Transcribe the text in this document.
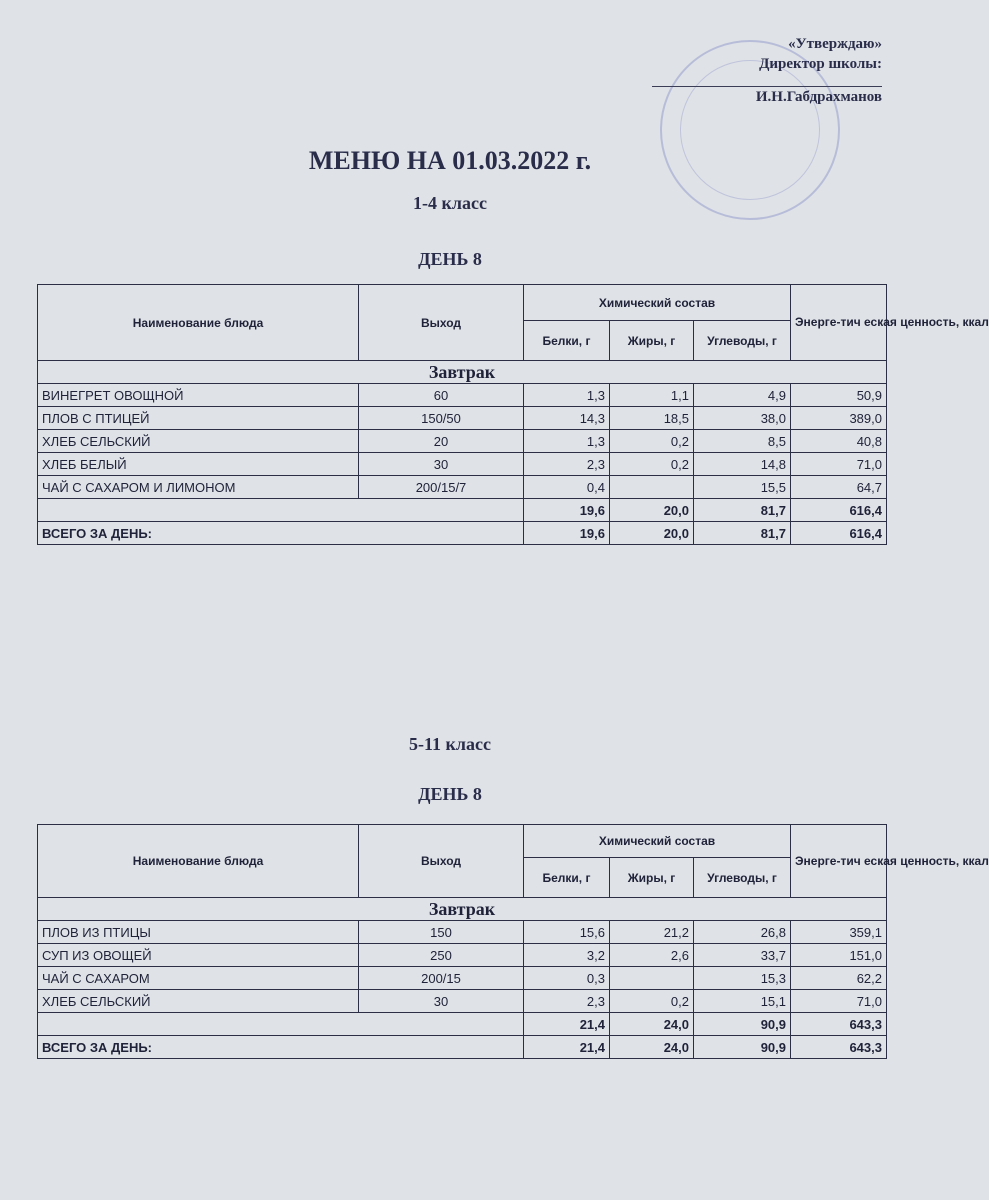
«Утверждаю»
Директор школы:
И.Н.Габдрахманов
МЕНЮ НА 01.03.2022 г.
1-4 класс
ДЕНЬ 8
Наименование блюда	Выход	Химический состав			Энерге-тич еская ценность, ккал
		Белки, г	Жиры, г	Углеводы, г	
Завтрак					
ВИНЕГРЕТ ОВОЩНОЙ	60	1,3	1,1	4,9	50,9
ПЛОВ С ПТИЦЕЙ	150/50	14,3	18,5	38,0	389,0
ХЛЕБ СЕЛЬСКИЙ	20	1,3	0,2	8,5	40,8
ХЛЕБ БЕЛЫЙ	30	2,3	0,2	14,8	71,0
ЧАЙ С САХАРОМ И ЛИМОНОМ	200/15/7	0,4		15,5	64,7
		19,6	20,0	81,7	616,4
ВСЕГО ЗА ДЕНЬ:		19,6	20,0	81,7	616,4
5-11 класс
ДЕНЬ 8
Наименование блюда	Выход	Химический состав			Энерге-тич еская ценность, ккал
		Белки, г	Жиры, г	Углеводы, г	
Завтрак					
ПЛОВ ИЗ ПТИЦЫ	150	15,6	21,2	26,8	359,1
СУП ИЗ ОВОЩЕЙ	250	3,2	2,6	33,7	151,0
ЧАЙ С САХАРОМ	200/15	0,3		15,3	62,2
ХЛЕБ СЕЛЬСКИЙ	30	2,3	0,2	15,1	71,0
		21,4	24,0	90,9	643,3
ВСЕГО ЗА ДЕНЬ:		21,4	24,0	90,9	643,3
